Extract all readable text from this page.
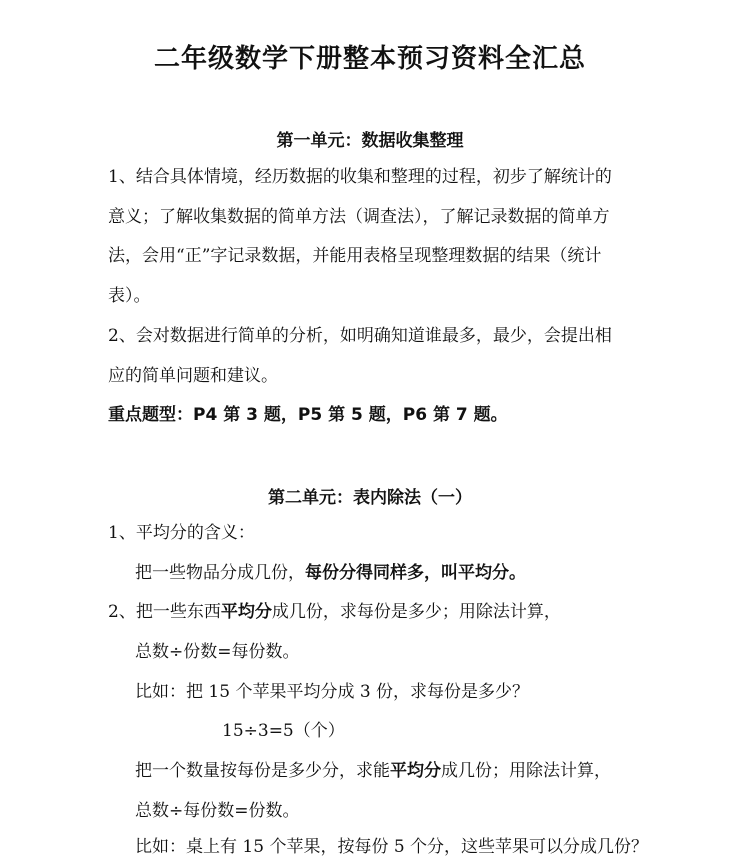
二年级数学下册整本预习资料全汇总
第一单元：数据收集整理
1、结合具体情境，经历数据的收集和整理的过程，初步了解统计的
意义；了解收集数据的简单方法（调查法），了解记录数据的简单方
法，会用“正”字记录数据，并能用表格呈现整理数据的结果（统计
表）。
2、会对数据进行简单的分析，如明确知道谁最多，最少，会提出相
应的简单问题和建议。
重点题型：P4 第 3 题，P5 第 5 题，P6 第 7 题。
第二单元：表内除法（一）
1、平均分的含义：
把一些物品分成几份，每份分得同样多，叫平均分。
2、把一些东西平均分成几份，求每份是多少；用除法计算，
总数÷份数=每份数。
比如：把 15 个苹果平均分成 3 份，求每份是多少？
15÷3=5（个）
把一个数量按每份是多少分，求能平均分成几份；用除法计算，
总数÷每份数=份数。
比如：桌上有 15 个苹果，按每份 5 个分，这些苹果可以分成几份？
